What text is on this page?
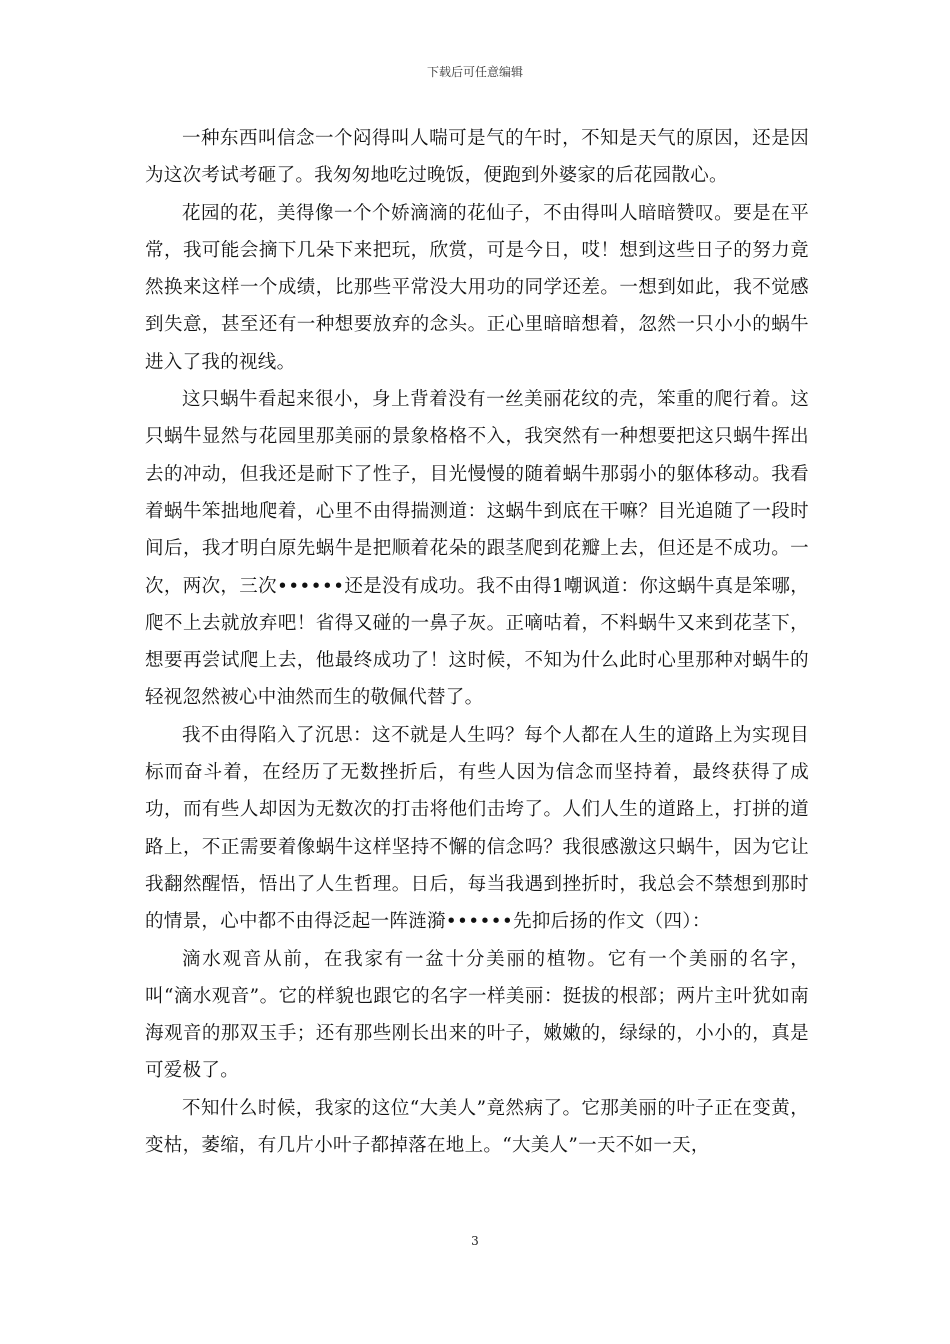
下载后可任意编辑

一种东西叫信念一个闷得叫人喘可是气的午时，不知是天气的原因，还是因为这次考试考砸了。我匆匆地吃过晚饭，便跑到外婆家的后花园散心。

花园的花，美得像一个个娇滴滴的花仙子，不由得叫人暗暗赞叹。要是在平常，我可能会摘下几朵下来把玩，欣赏，可是今日，哎！想到这些日子的努力竟然换来这样一个成绩，比那些平常没大用功的同学还差。一想到如此，我不觉感到失意，甚至还有一种想要放弃的念头。正心里暗暗想着，忽然一只小小的蜗牛进入了我的视线。

这只蜗牛看起来很小，身上背着没有一丝美丽花纹的壳，笨重的爬行着。这只蜗牛显然与花园里那美丽的景象格格不入，我突然有一种想要把这只蜗牛挥出去的冲动，但我还是耐下了性子，目光慢慢的随着蜗牛那弱小的躯体移动。我看着蜗牛笨拙地爬着，心里不由得揣测道：这蜗牛到底在干嘛？目光追随了一段时间后，我才明白原先蜗牛是把顺着花朵的跟茎爬到花瓣上去，但还是不成功。一次，两次，三次••••••还是没有成功。我不由得1嘲讽道：你这蜗牛真是笨哪，爬不上去就放弃吧！省得又碰的一鼻子灰。正嘀咕着，不料蜗牛又来到花茎下，想要再尝试爬上去，他最终成功了！这时候，不知为什么此时心里那种对蜗牛的轻视忽然被心中油然而生的敬佩代替了。

我不由得陷入了沉思：这不就是人生吗？每个人都在人生的道路上为实现目标而奋斗着，在经历了无数挫折后，有些人因为信念而坚持着，最终获得了成功，而有些人却因为无数次的打击将他们击垮了。人们人生的道路上，打拼的道路上，不正需要着像蜗牛这样坚持不懈的信念吗？我很感激这只蜗牛，因为它让我翻然醒悟，悟出了人生哲理。日后，每当我遇到挫折时，我总会不禁想到那时的情景，心中都不由得泛起一阵涟漪••••••先抑后扬的作文（四）：

滴水观音从前，在我家有一盆十分美丽的植物。它有一个美丽的名字，叫“滴水观音”。它的样貌也跟它的名字一样美丽：挺拔的根部；两片主叶犹如南海观音的那双玉手；还有那些刚长出来的叶子，嫩嫩的，绿绿的，小小的，真是可爱极了。

不知什么时候，我家的这位“大美人”竟然病了。它那美丽的叶子正在变黄，变枯，萎缩，有几片小叶子都掉落在地上。“大美人”一天不如一天，

3
